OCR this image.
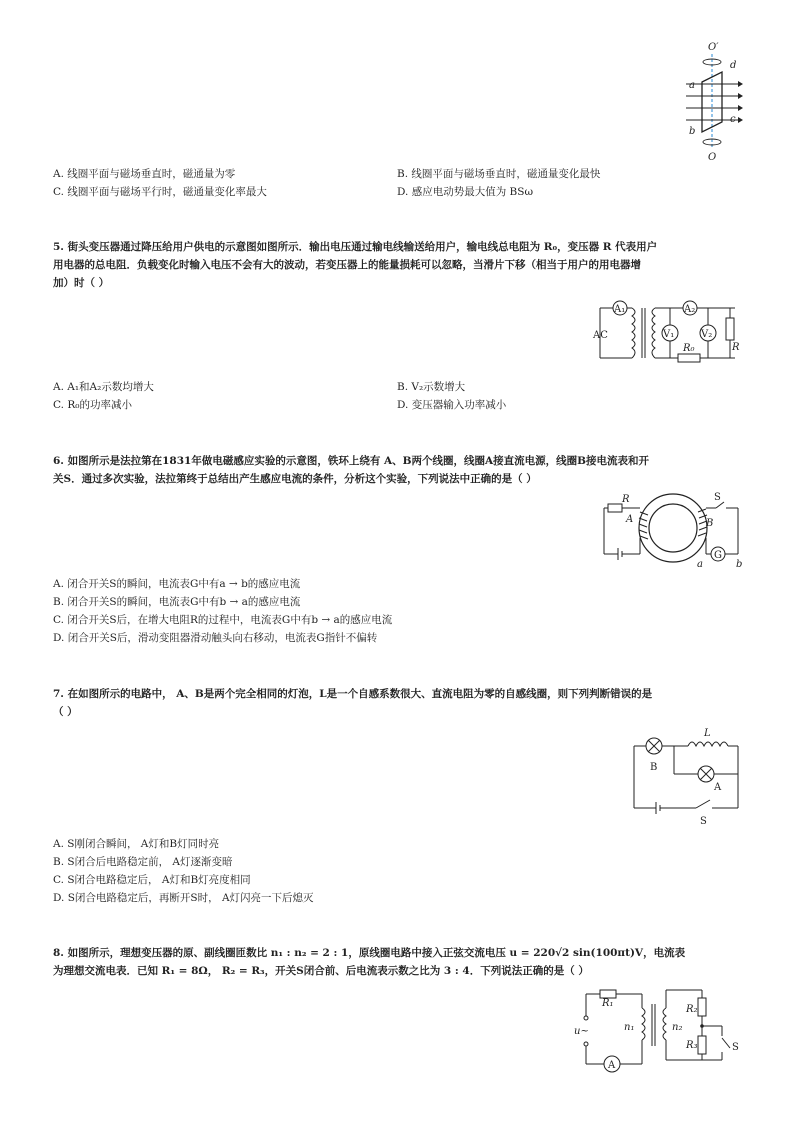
O′
d
a
c
b
O
A. 线圈平面与磁场垂直时，磁通量为零	B. 线圈平面与磁场垂直时，磁通量变化最快
C. 线圈平面与磁场平行时，磁通量变化率最大	D. 感应电动势最大值为 BSω

5. 街头变压器通过降压给用户供电的示意图如图所示．输出电压通过输电线输送给用户，输电线总电阻为 R₀，变压器 R 代表用户

用电器的总电阻．负载变化时输入电压不会有大的波动，若变压器上的能量损耗可以忽略，当滑片下移（相当于用户的用电器增

加）时（ ）

A₁
AC	V₁
A₂
V₂
R₀	R
A. A₁和A₂示数均增大	B. V₂示数增大
C. R₀的功率减小	D. 变压器输入功率减小

6. 如图所示是法拉第在1831年做电磁感应实验的示意图，铁环上绕有 A、B两个线圈，线圈A接直流电源，线圈B接电流表和开

关S．通过多次实验，法拉第终于总结出产生感应电流的条件，分析这个实验，下列说法中正确的是（ ）

A	B
R	S
G
a	b
A. 闭合开关S的瞬间，电流表G中有a → b的感应电流
B. 闭合开关S的瞬间，电流表G中有b → a的感应电流
C. 闭合开关S后，在增大电阻R的过程中，电流表G中有b → a的感应电流
D. 闭合开关S后，滑动变阻器滑动触头向右移动，电流表G指针不偏转

7. 在如图所示的电路中， A、B是两个完全相同的灯泡，L是一个自感系数很大、直流电阻为零的自感线圈，则下列判断错误的是

（ ）

B
L
A
S
A. S刚闭合瞬间， A灯和B灯同时亮
B. S闭合后电路稳定前， A灯逐渐变暗
C. S闭合电路稳定后， A灯和B灯亮度相同
D. S闭合电路稳定后，再断开S时， A灯闪亮一下后熄灭

8. 如图所示，理想变压器的原、副线圈匝数比 n₁ : n₂ = 2 : 1，原线圈电路中接入正弦交流电压 u = 220√2 sin(100πt)V，电流表

为理想交流电表．已知 R₁ = 8Ω， R₂ = R₃，开关S闭合前、后电流表示数之比为 3 : 4．下列说法正确的是（ ）

R₁
u~
A
n₁	n₂
R₂
R₃	S
